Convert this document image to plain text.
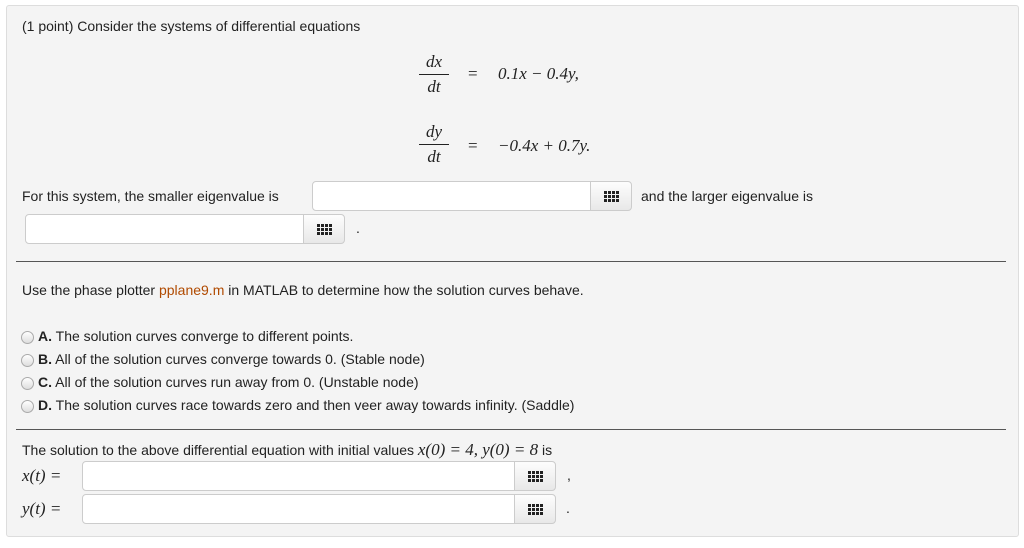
(1 point) Consider the systems of differential equations
$\frac{dx}{dt} = 0.1x - 0.4y$,
$\frac{dy}{dt} = -0.4x + 0.7y$.
For this system, the smaller eigenvalue is	and the larger eigenvalue is
.
Use the phase plotter pplane9.m in MATLAB to determine how the solution curves behave.
A. The solution curves converge to different points.
B. All of the solution curves converge towards 0. (Stable node)
C. All of the solution curves run away from 0. (Unstable node)
D. The solution curves race towards zero and then veer away towards infinity. (Saddle)
The solution to the above differential equation with initial values x(0) = 4, y(0) = 8 is
x(t) =	,
y(t) =	.
